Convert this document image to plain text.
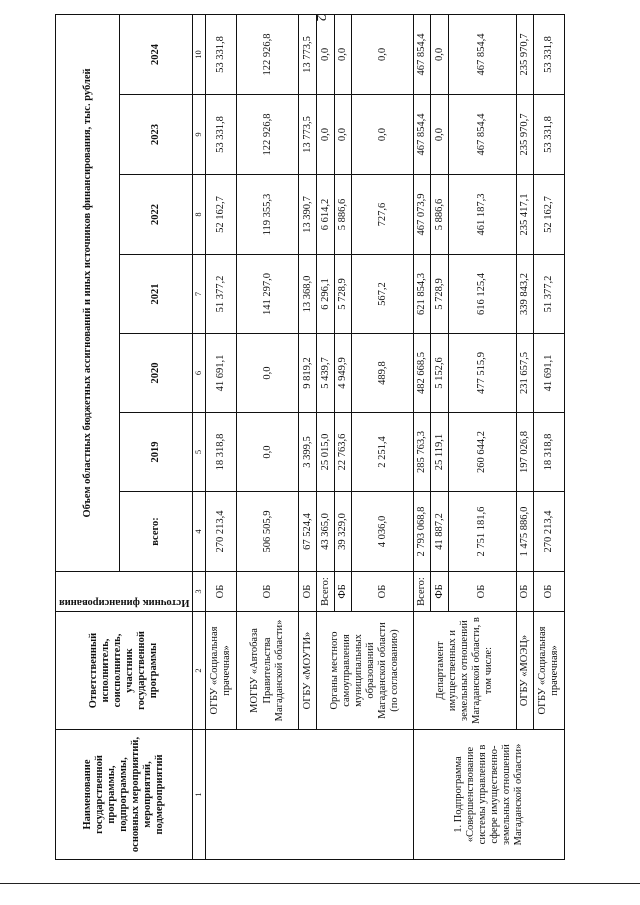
2
Наименование государственной программы, подпрограммы, основных мероприятий, мероприятий, подмероприятий	Ответственный исполнитель, соисполнитель, участник государственной программы	Источник финансирования	Объем областных бюджетных ассигнований и иных источников финансирования, тыс. рублей						
			всего:	2019	2020	2021	2022	2023	2024
1	2	3	4	5	6	7	8	9	10
	ОГБУ «Социальная прачечная»	ОБ	270 213,4	18 318,8	41 691,1	51 377,2	52 162,7	53 331,8	53 331,8
	МОГБУ «Автобаза Правительства Магаданской области»	ОБ	506 505,9	0,0	0,0	141 297,0	119 355,3	122 926,8	122 926,8
	ОГБУ «МОУТИ»	ОБ	67 524,4	3 399,5	9 819,2	13 368,0	13 390,7	13 773,5	13 773,5
	Органы местного самоуправления муниципальных образований Магаданской области (по согласованию)	Всего:	43 365,0	25 015,0	5 439,7	6 296,1	6 614,2	0,0	0,0
		ФБ	39 329,0	22 763,6	4 949,9	5 728,9	5 886,6	0,0	0,0
		ОБ	4 036,0	2 251,4	489,8	567,2	727,6	0,0	0,0
1. Подпрограмма «Совершенствование системы управления в сфере имущественно-земельных отношений Магаданской области»	Департамент имущественных и земельных отношений Магаданской области, в том числе:	Всего:	2 793 068,8	285 763,3	482 668,5	621 854,3	467 073,9	467 854,4	467 854,4
		ФБ	41 887,2	25 119,1	5 152,6	5 728,9	5 886,6	0,0	0,0
		ОБ	2 751 181,6	260 644,2	477 515,9	616 125,4	461 187,3	467 854,4	467 854,4
	ОГБУ «МОЭЦ»	ОБ	1 475 886,0	197 026,8	231 657,5	339 843,2	235 417,1	235 970,7	235 970,7
	ОГБУ «Социальная прачечная»	ОБ	270 213,4	18 318,8	41 691,1	51 377,2	52 162,7	53 331,8	53 331,8
